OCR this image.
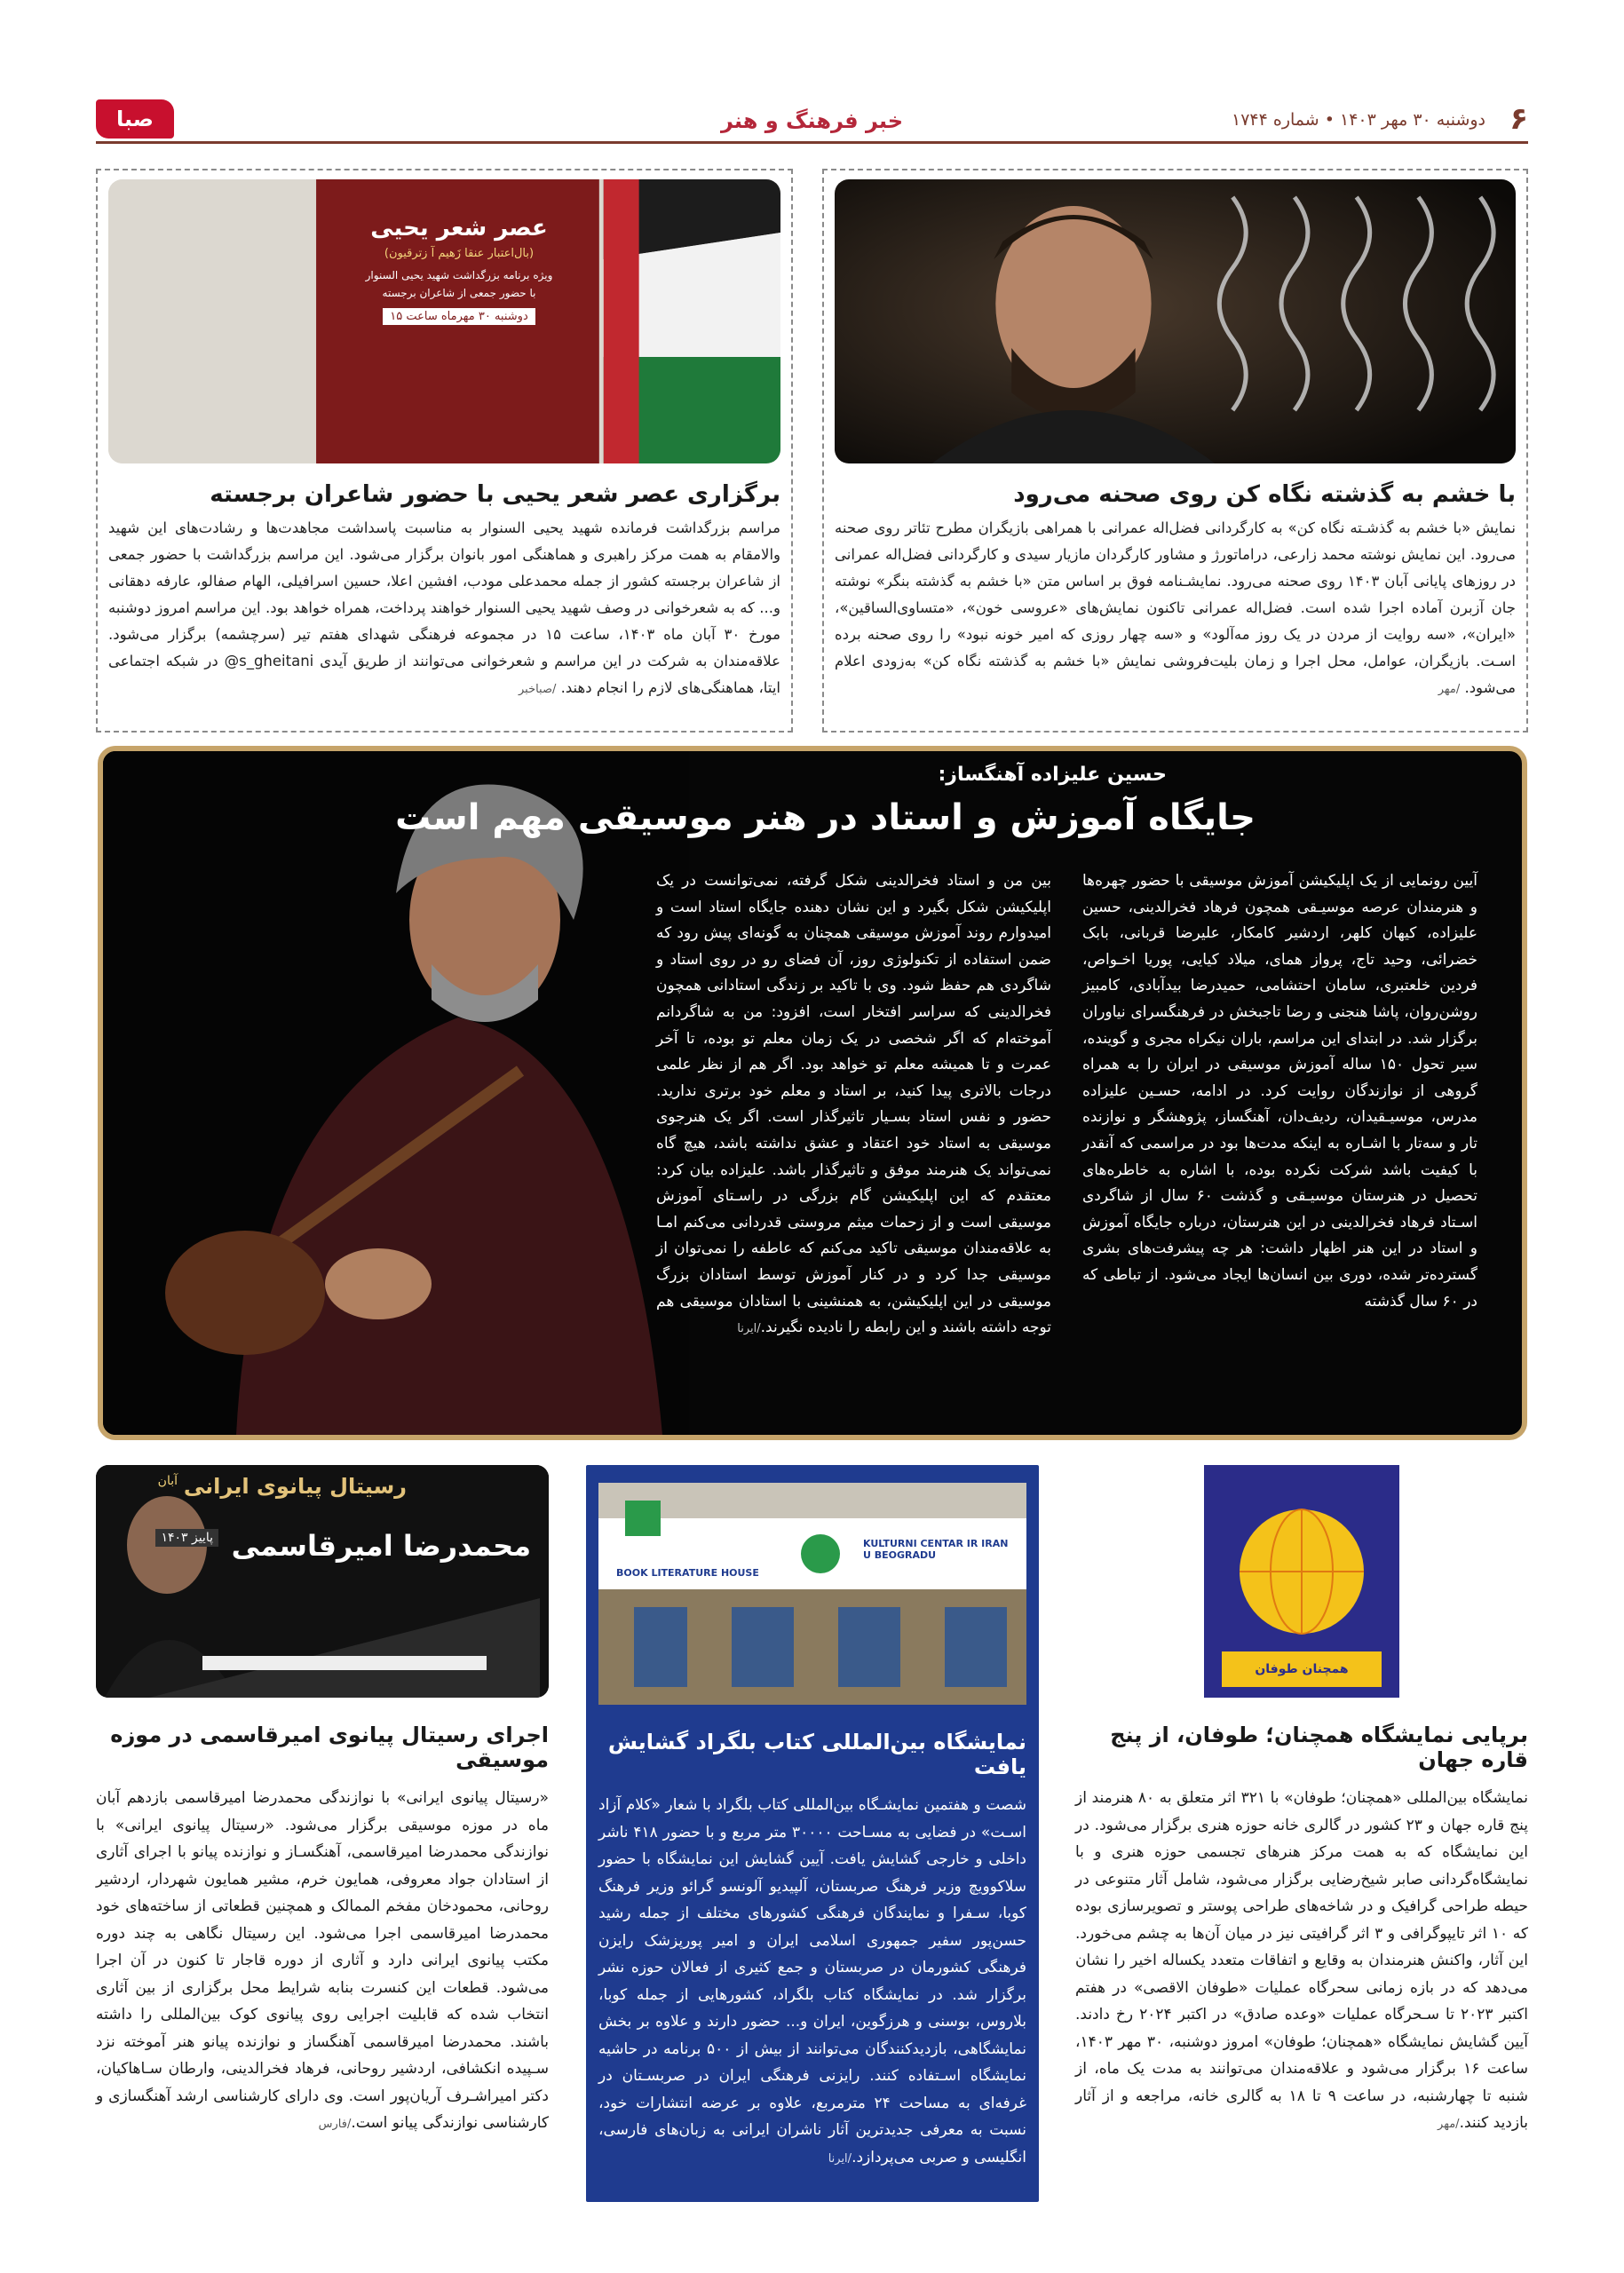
۶
دوشنبه ۳۰ مهر ۱۴۰۳ • شماره ۱۷۴۴
خبر فرهنگ و هنر
صبا
با خشم به گذشته نگاه کن روی صحنه می‌رود

نمایش «با خشم به گذشـته نگاه کن» به کارگردانی فضل‌اله عمرانی با همراهی بازیگران مطرح تئاتر روی صحنه می‌رود. این نمایش نوشته محمد زارعی، دراماتورژ و مشاور کارگردان مازیار سیدی و کارگردانی فضل‌اله عمرانی در روزهای پایانی آبان ۱۴۰۳ روی صحنه می‌رود. نمایشـنامه فوق بر اساس متن «با خشم به گذشته بنگر» نوشته جان آزبرن آماده اجرا شده است. فضل‌اله عمرانی تاکنون نمایش‌های «عروسی خون»، «متساوی‌الساقین»، «ایران»، «سه روایت از مردن در یک روز مه‌آلود» و «سه چهار روزی که امیر خونه نبود» را روی صحنه برده اسـت. بازیگران، عوامل، محل اجرا و زمان بلیت‌فروشی نمایش «با خشم به گذشته نگاه کن» به‌زودی اعلام می‌شود. /مهر

عصر شعر یحیی
(بال‌اعتبار عنقا زَهیم آ زترقیون)
ویژه برنامه بزرگداشت شهید یحیی السنوار
با حضور جمعی از شاعران برجسته
دوشنبه ۳۰ مهرماه ساعت ۱۵
برگزاری عصر شعر یحیی با حضور شاعران برجسته

مراسم بزرگداشت فرمانده شهید یحیی السنوار به مناسبت پاسداشت مجاهدت‌ها و رشادت‌های این شهید والامقام به همت مرکز راهبری و هماهنگی امور بانوان برگزار می‌شود. این مراسم بزرگداشت با حضور جمعی از شاعران برجسته کشور از جمله محمدعلی مودب، افشین اعلا، حسین اسرافیلی، الهام صفالو، عارفه دهقانی و... که به شعرخوانی در وصف شهید یحیی السنوار خواهند پرداخت، همراه خواهد بود. این مراسم امروز دوشنبه مورخ ۳۰ آبان ماه ۱۴۰۳، ساعت ۱۵ در مجموعه فرهنگی شهدای هفتم تیر (سرچشمه) برگزار می‌شود. علاقه‌مندان به شرکت در این مراسم و شعرخوانی می‌توانند از طریق آیدی s_gheitani@ در شبکه اجتماعی ایتا، هماهنگی‌های لازم را انجام دهند. /صباخبر

حسین علیزاده آهنگساز:
جایگاه آموزش و استاد در هنر موسیقی مهم است

آیین رونمایی از یک اپلیکیشن آموزش موسیقی با حضور چهره‌ها و هنرمندان عرصه موسیـقی همچون فرهاد فخرالدینی، حسین علیزاده، کیهان کلهر، اردشیر کامکار، علیرضا قربانی، بابک خضرائی، وحید تاج، پرواز همای، میلاد کیایی، پوریا اخـواص، فردین خلعتبری، سامان احتشامی، حمیدرضا بیدآبادی، کامبیز روشن‌روان، پاشا هنجنی و رضا تاجبخش در فرهنگسرای نیاوران برگزار شد. در ابتدای این مراسم، باران نیکراه مجری و گوینده، سیر تحول ۱۵۰ ساله آموزش موسیقی در ایران را به همراه گروهی از نوازندگان روایت کرد. در ادامه، حسـین علیزاده مدرس، موسیـقیدان، ردیف‌دان، آهنگساز، پژوهشگر و نوازنده تار و سه‌تار با اشـاره به اینکه مدت‌ها بود در مراسمی که آنقدر با کیفیت باشد شرکت نکرده بوده، با اشاره به خاطره‌های تحصیل در هنرستان موسیـقی و گذشت ۶۰ سال از شاگردی اسـتاد فرهاد فخرالدینی در این هنرستان، درباره جایگاه آموزش و استاد در این هنر اظهار داشت: هر چه پیشرفت‌های بشری گسترده‌تر شده، دوری بین انسان‌ها ایجاد می‌شود. از تباطی که در ۶۰ سال گذشته

بین من و استاد فخرالدینی شکل گرفته، نمی‌توانست در یک اپلیکیشن شکل بگیرد و این نشان دهنده جایگاه استاد است و امیدوارم روند آموزش موسیقی همچنان به گونه‌ای پیش رود که ضمن استفاده از تکنولوژی روز، آن فضای رو در روی استاد و شاگردی هم حفظ شود. وی با تاکید بر زندگی استادانی همچون فخرالدینی که سراسر افتخار است، افزود: من به شاگردانم آموخته‌ام که اگر شخصی در یک زمان معلم تو بوده، تا آخر عمرت و تا همیشه معلم تو خواهد بود. اگر هم از نظر علمی درجات بالاتری پیدا کنید، بر استاد و معلم خود برتری ندارید. حضور و نفس استاد بسـیار تاثیرگذار است. اگر یک هنرجوی موسیقی به استاد خود اعتقاد و عشق نداشته باشد، هیچ گاه نمی‌تواند یک هنرمند موفق و تاثیرگذار باشد. علیزاده بیان کرد: معتقدم که این اپلیکیشن گام بزرگی در راسـتای آموزش موسیقی است و از زحمات میثم مروستی قدردانی می‌کنم امـا به علاقه‌مندان موسیقی تاکید می‌کنم که عاطفه را نمی‌توان از موسیقی جدا کرد و در کنار آموزش توسط استادان بزرگ موسیقی در این اپلیکیشن، به همنشینی با استادان موسیقی هم توجه داشته باشند و این رابطه را نادیده نگیرند./ایرنا

همچنان طوفان
برپایی نمایشگاه همچنان؛ طوفان، از پنج قاره جهان

نمایشگاه بین‌المللی «همچنان؛ طوفان» با ۳۲۱ اثر متعلق به ۸۰ هنرمند از پنج قاره جهان و ۲۳ کشور در گالری خانه حوزه هنری برگزار می‌شود. در این نمایشگاه که به همت مرکز هنرهای تجسمی حوزه هنری و با نمایشگاه‌گردانی صابر شیخ‌رضایی برگزار می‌شود، شامل آثار متنوعی در حیطه طراحی گرافیک و در شاخه‌های طراحی پوستر و تصویرسازی بوده که ۱۰ اثر تایپوگرافی و ۳ اثر گرافیتی نیز در میان آن‌ها به چشم می‌خورد. این آثار، واکنش هنرمندان به وقایع و اتفاقات متعدد یکساله اخیر را نشان می‌دهد که در بازه زمانی سحرگاه عملیات «طوفان الاقصی» در هفتم اکتبر ۲۰۲۳ تا سـحرگاه عملیات «وعده صادق» در اکتبر ۲۰۲۴ رخ دادند. آیین گشایش نمایشگاه «همچنان؛ طوفان» امروز دوشنبه، ۳۰ مهر ۱۴۰۳، ساعت ۱۶ برگزار می‌شود و علاقه‌مندان می‌توانند به مدت یک ماه، از شنبه تا چهارشنبه، در ساعت ۹ تا ۱۸ به گالری خانه، مراجعه و از آثار بازدید کنند./مهر

KULTURNI CENTAR IR IRAN U BEOGRADU
BOOK LITERATURE HOUSE
نمایشگاه بین‌المللی کتاب بلگراد گشایش یافت

شصت و هفتمین نمایشـگاه بین‌المللی کتاب بلگراد با شعار «کلام آزاد اسـت» در فضایی به مسـاحت ۳۰۰۰۰ متر مربع و با حضور ۴۱۸ ناشر داخلی و خارجی گشایش یافت. آیین گشایش این نمایشگاه با حضور سلاکوویچ وزیر فرهنگ صربستان، آلپیدیو آلونسو گرائو وزیر فرهنگ کوبا، سـفرا و نمایندگان فرهنگی کشورهای مختلف از جمله رشید حسن‌پور سفیر جمهوری اسلامی ایران و امیر پورپزشک رایزن فرهنگی کشورمان در صربستان و جمع کثیری از فعالان حوزه نشر برگزار شد. در نمایشگاه کتاب بلگراد، کشورهایی از جمله کوبا، بلاروس، بوسنی و هرزگوین، ایران و... حضور دارند و علاوه بر بخش نمایشگاهی، بازدیدکنندگان می‌توانند از بیش از ۵۰۰ برنامه در حاشیه نمایشگاه اسـتفاده کنند. رایزنی فرهنگی ایران در صربسـتان در غرفه‌ای به مساحت ۲۴ مترمربع، علاوه بر عرضه انتشارات خود، نسبت به معرفی جدیدترین آثار ناشران ایرانی به زبان‌های فارسی، انگلیسی و صربی می‌پردازد./ایرنا

آبان رسیتال پیانوی ایرانی
محمدرضا امیرقاسمی
پاییز ۱۴۰۳
اجرای رسیتال پیانوی امیرقاسمی در موزه موسیقی

«رسیتال پیانوی ایرانی» با نوازندگی محمدرضا امیرقاسمی بازدهم آبان ماه در موزه موسیقی برگزار می‌شود. «رسیتال پیانوی ایرانی» با نوازندگی محمدرضا امیرقاسمی، آهنگسـاز و نوازنده پیانو با اجرای آثاری از استادان جواد معروفی، همایون خرم، مشیر همایون شهردار، اردشیر روحانی، محمودخان مفخم الممالک و همچنین قطعاتی از ساخته‌های خود محمدرضا امیرقاسمی اجرا می‌شود. این رسیتال نگاهی به چند دوره مکتب پیانوی ایرانی دارد و آثاری از دوره قاجار تا کنون در آن اجرا می‌شود. قطعات این کنسرت بنابه شرایط محل برگزاری از بین آثاری انتخاب شده که قابلیت اجرایی روی پیانوی کوک بین‌المللی را داشته باشند. محمدرضا امیرقاسمی آهنگساز و نوازنده پیانو هنر آموخته نزد سـپیده انکشافی، اردشیر روحانی، فرهاد فخرالدینی، وارطان سـاهاکیان، دکتر امیراشـرف آریان‌پور است. وی دارای کارشناسی ارشد آهنگسازی و کارشناسی نوازندگی پیانو است./فارس
